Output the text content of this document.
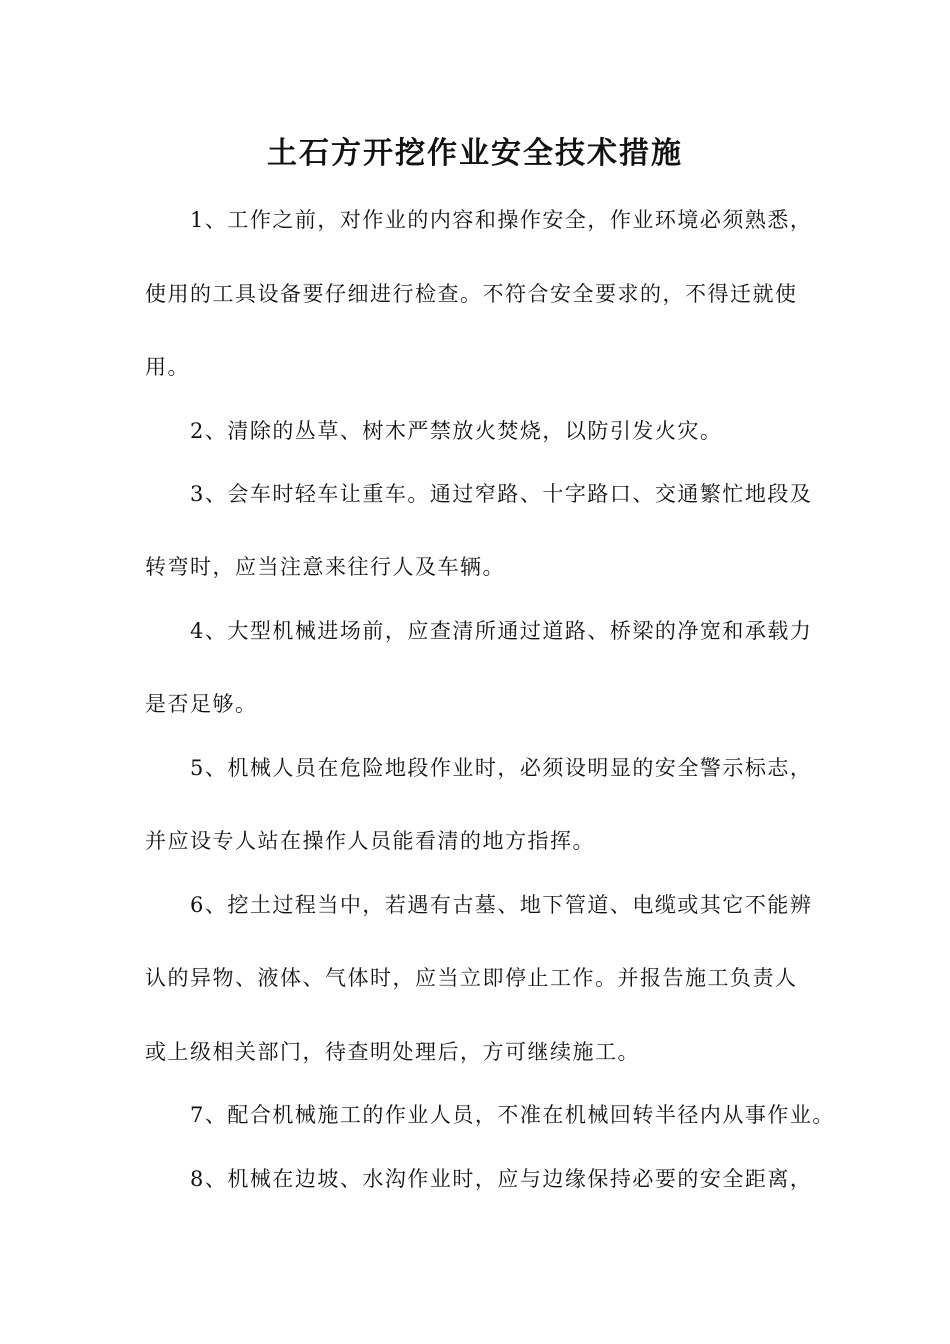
土石方开挖作业安全技术措施
1、工作之前，对作业的内容和操作安全，作业环境必须熟悉，
使用的工具设备要仔细进行检查。不符合安全要求的，不得迁就使
用。
2、清除的丛草、树木严禁放火焚烧，以防引发火灾。
3、会车时轻车让重车。通过窄路、十字路口、交通繁忙地段及
转弯时，应当注意来往行人及车辆。
4、大型机械进场前，应查清所通过道路、桥梁的净宽和承载力
是否足够。
5、机械人员在危险地段作业时，必须设明显的安全警示标志，
并应设专人站在操作人员能看清的地方指挥。
6、挖土过程当中，若遇有古墓、地下管道、电缆或其它不能辨
认的异物、液体、气体时，应当立即停止工作。并报告施工负责人
或上级相关部门，待查明处理后，方可继续施工。
7、配合机械施工的作业人员，不准在机械回转半径内从事作业。
8、机械在边坡、水沟作业时，应与边缘保持必要的安全距离，
